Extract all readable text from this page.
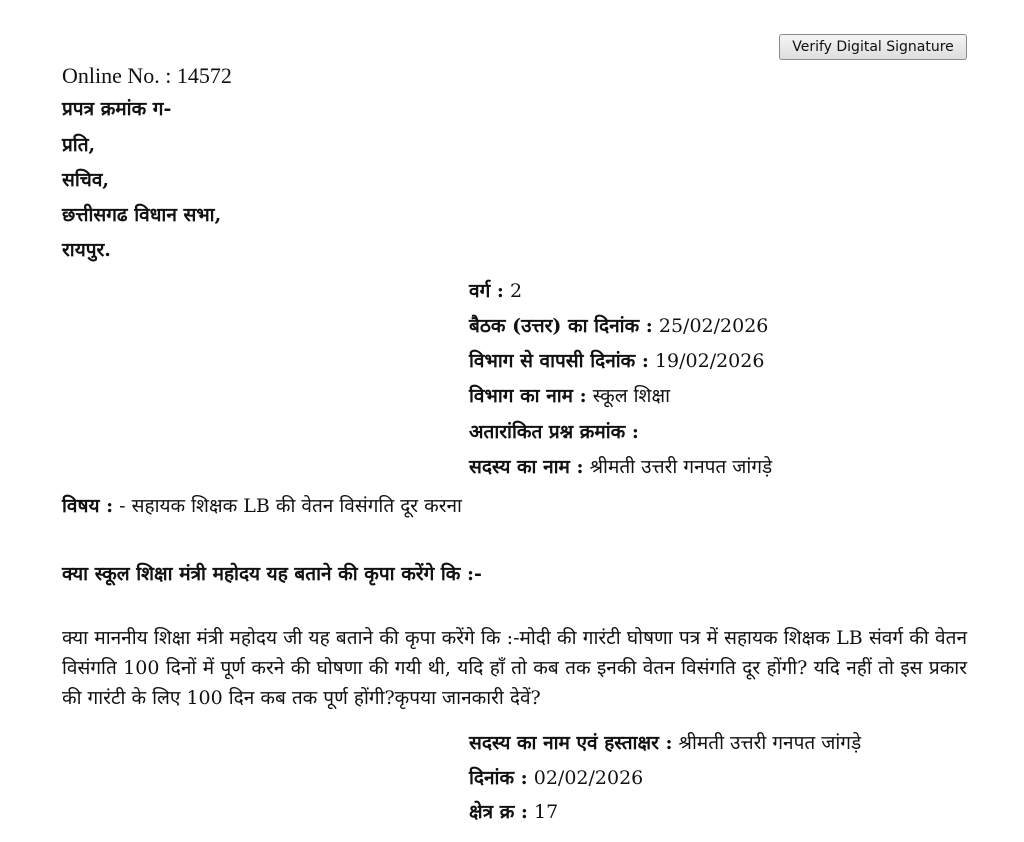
Verify Digital Signature
Online No. : 14572
प्रपत्र क्रमांक ग-
प्रति,
सचिव,
छत्तीसगढ विधान सभा,
रायपुर.
वर्ग : 2
बैठक (उत्तर) का दिनांक : 25/02/2026
विभाग से वापसी दिनांक : 19/02/2026
विभाग का नाम : स्कूल शिक्षा
अतारांकित प्रश्न क्रमांक :
सदस्य का नाम : श्रीमती उत्तरी गनपत जांगड़े
विषय : - सहायक शिक्षक LB की वेतन विसंगति दूर करना
क्या स्कूल शिक्षा मंत्री महोदय यह बताने की कृपा करेंगे कि :-
क्या माननीय शिक्षा मंत्री महोदय जी यह बताने की कृपा करेंगे कि :-मोदी की गारंटी घोषणा पत्र में सहायक शिक्षक LB संवर्ग की वेतन विसंगति 100 दिनों में पूर्ण करने की घोषणा की गयी थी, यदि हाँ तो कब तक इनकी वेतन विसंगति दूर होंगी? यदि नहीं तो इस प्रकार की गारंटी के लिए 100 दिन कब तक पूर्ण होंगी?कृपया जानकारी देवें?
सदस्य का नाम एवं हस्ताक्षर : श्रीमती उत्तरी गनपत जांगड़े
दिनांक : 02/02/2026
क्षेत्र क्र : 17
